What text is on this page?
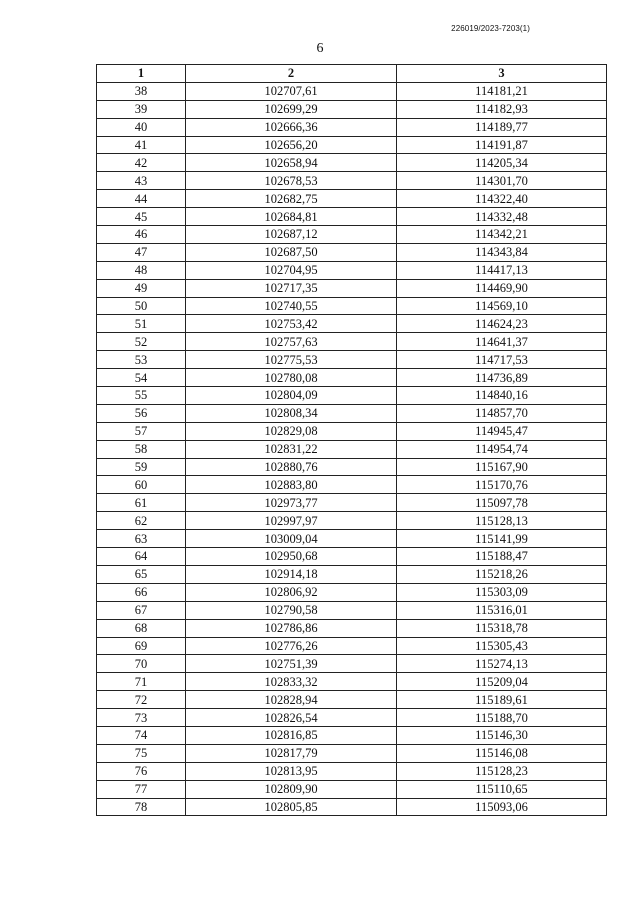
226019/2023-7203(1)
6
1	2	3
38	102707,61	114181,21
39	102699,29	114182,93
40	102666,36	114189,77
41	102656,20	114191,87
42	102658,94	114205,34
43	102678,53	114301,70
44	102682,75	114322,40
45	102684,81	114332,48
46	102687,12	114342,21
47	102687,50	114343,84
48	102704,95	114417,13
49	102717,35	114469,90
50	102740,55	114569,10
51	102753,42	114624,23
52	102757,63	114641,37
53	102775,53	114717,53
54	102780,08	114736,89
55	102804,09	114840,16
56	102808,34	114857,70
57	102829,08	114945,47
58	102831,22	114954,74
59	102880,76	115167,90
60	102883,80	115170,76
61	102973,77	115097,78
62	102997,97	115128,13
63	103009,04	115141,99
64	102950,68	115188,47
65	102914,18	115218,26
66	102806,92	115303,09
67	102790,58	115316,01
68	102786,86	115318,78
69	102776,26	115305,43
70	102751,39	115274,13
71	102833,32	115209,04
72	102828,94	115189,61
73	102826,54	115188,70
74	102816,85	115146,30
75	102817,79	115146,08
76	102813,95	115128,23
77	102809,90	115110,65
78	102805,85	115093,06
